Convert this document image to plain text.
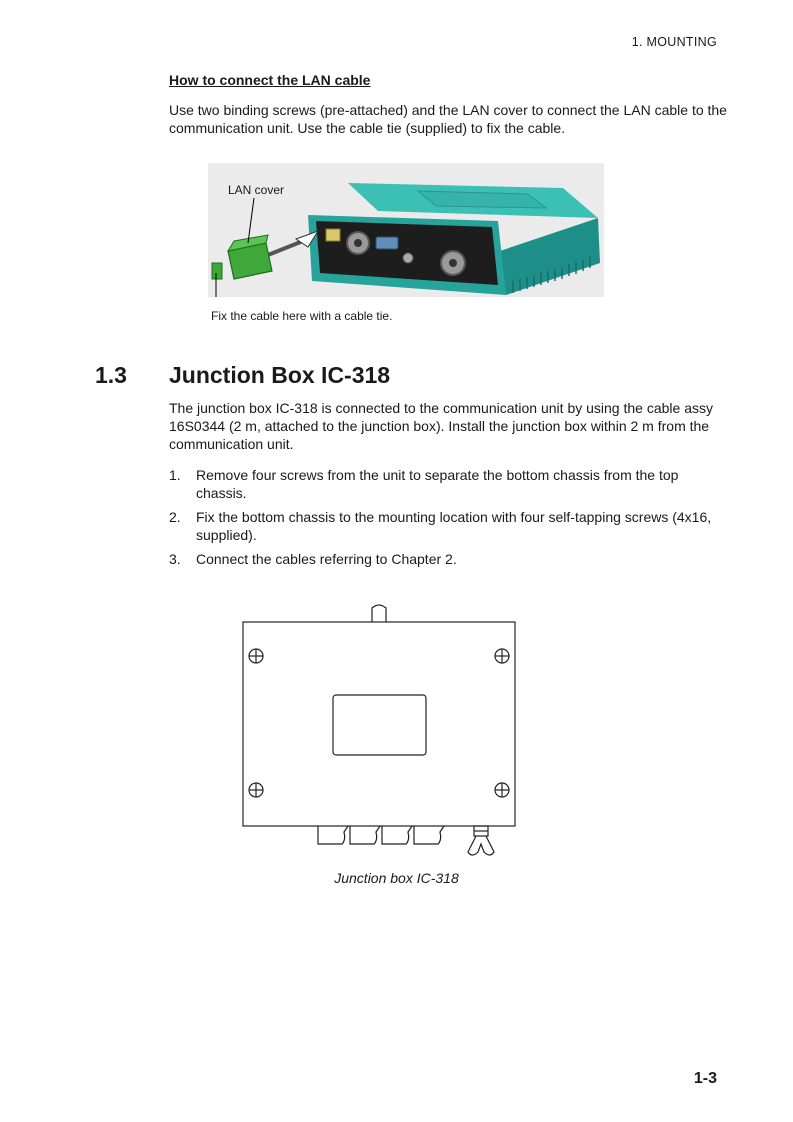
1. MOUNTING
How to connect the LAN cable
Use two binding screws (pre-attached) and the LAN cover to connect the LAN cable to the communication unit. Use the cable tie (supplied) to fix the cable.
LAN cover
Fix the cable here with a cable tie.
1.3 Junction Box IC-318
The junction box IC-318 is connected to the communication unit by using the cable assy 16S0344 (2 m, attached to the junction box). Install the junction box within 2 m from the communication unit.
1. Remove four screws from the unit to separate the bottom chassis from the top chassis.
2. Fix the bottom chassis to the mounting location with four self-tapping screws (4x16, supplied).
3. Connect the cables referring to Chapter 2.
Junction box IC-318
1-3
